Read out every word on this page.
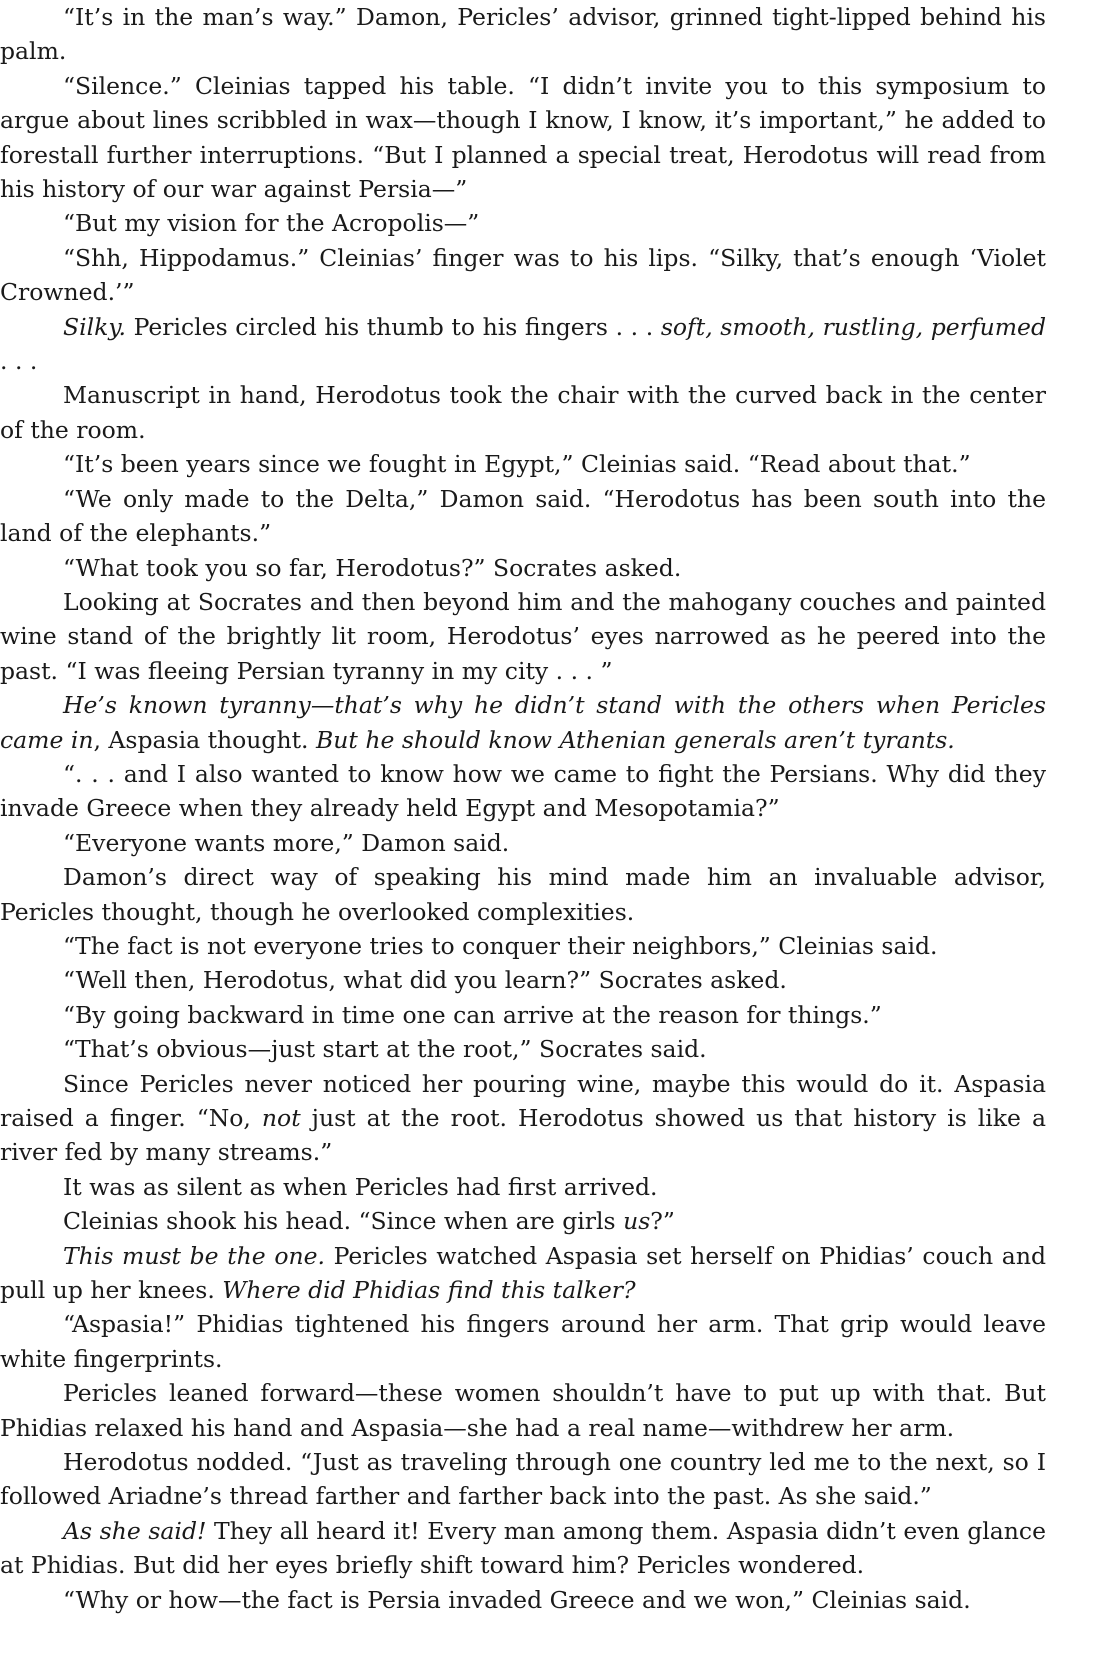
“It’s in the man’s way.” Damon, Pericles’ advisor, grinned tight-lipped behind his palm.

“Silence.” Cleinias tapped his table. “I didn’t invite you to this symposium to argue about lines scribbled in wax—though I know, I know, it’s important,” he added to forestall further interruptions. “But I planned a special treat, Herodotus will read from his history of our war against Persia—”

“But my vision for the Acropolis—”

“Shh, Hippodamus.” Cleinias’ finger was to his lips. “Silky, that’s enough ‘Violet Crowned.’”

Silky. Pericles circled his thumb to his fingers . . . soft, smooth, rustling, perfumed . . .

Manuscript in hand, Herodotus took the chair with the curved back in the center of the room.

“It’s been years since we fought in Egypt,” Cleinias said. “Read about that.”

“We only made to the Delta,” Damon said. “Herodotus has been south into the land of the elephants.”

“What took you so far, Herodotus?” Socrates asked.

Looking at Socrates and then beyond him and the mahogany couches and painted wine stand of the brightly lit room, Herodotus’ eyes narrowed as he peered into the past. “I was fleeing Persian tyranny in my city . . . ”

He’s known tyranny—that’s why he didn’t stand with the others when Pericles came in, Aspasia thought. But he should know Athenian generals aren’t tyrants.

“. . . and I also wanted to know how we came to fight the Persians. Why did they invade Greece when they already held Egypt and Mesopotamia?”

“Everyone wants more,” Damon said.

Damon’s direct way of speaking his mind made him an invaluable advisor, Pericles thought, though he overlooked complexities.

“The fact is not everyone tries to conquer their neighbors,” Cleinias said.

“Well then, Herodotus, what did you learn?” Socrates asked.

“By going backward in time one can arrive at the reason for things.”

“That’s obvious—just start at the root,” Socrates said.

Since Pericles never noticed her pouring wine, maybe this would do it. Aspasia raised a finger. “No, not just at the root. Herodotus showed us that history is like a river fed by many streams.”

It was as silent as when Pericles had first arrived.

Cleinias shook his head. “Since when are girls us?”

This must be the one. Pericles watched Aspasia set herself on Phidias’ couch and pull up her knees. Where did Phidias find this talker?

“Aspasia!” Phidias tightened his fingers around her arm. That grip would leave white fingerprints.

Pericles leaned forward—these women shouldn’t have to put up with that. But Phidias relaxed his hand and Aspasia—she had a real name—withdrew her arm.

Herodotus nodded. “Just as traveling through one country led me to the next, so I followed Ariadne’s thread farther and farther back into the past. As she said.”

As she said! They all heard it! Every man among them. Aspasia didn’t even glance at Phidias. But did her eyes briefly shift toward him? Pericles wondered.

“Why or how—the fact is Persia invaded Greece and we won,” Cleinias said.
